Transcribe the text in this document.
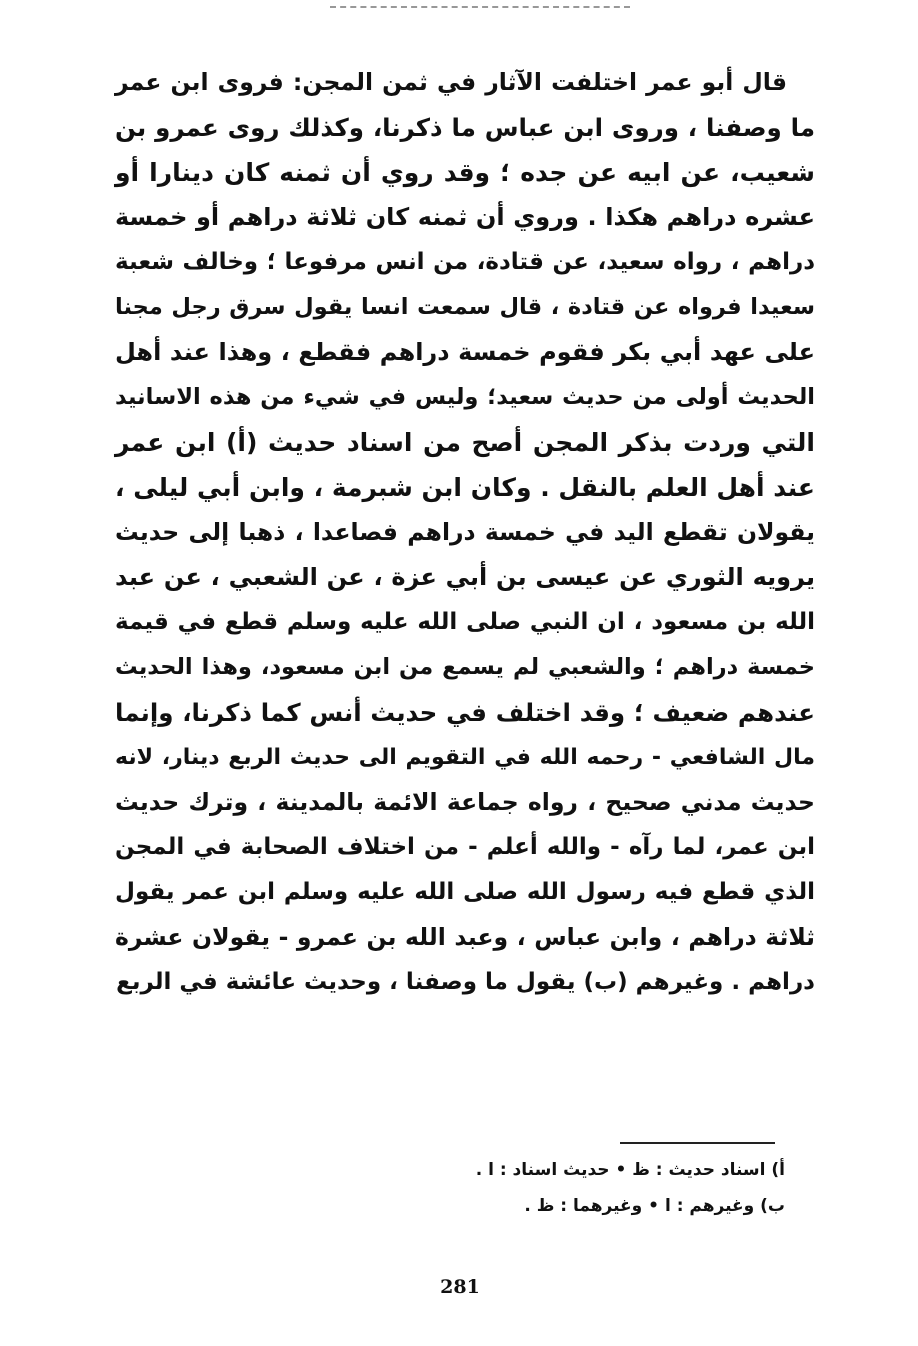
قال أبو عمر اختلفت الآثار في ثمن المجن: فروى ابن عمر
ما وصفنا ، وروى ابن عباس ما ذكرنا، وكذلك روى عمرو بن
شعيب، عن ابيه عن جده ؛ وقد روي أن ثمنه كان دينارا أو
عشره دراهم هكذا . وروي أن ثمنه كان ثلاثة دراهم أو خمسة
دراهم ، رواه سعيد، عن قتادة، من انس مرفوعا ؛ وخالف شعبة
سعيدا فرواه عن قتادة ، قال سمعت انسا يقول سرق رجل مجنا
على عهد أبي بكر فقوم خمسة دراهم فقطع ، وهذا عند أهل
الحديث أولى من حديث سعيد؛ وليس في شيء من هذه الاسانيد
التي وردت بذكر المجن أصح من اسناد حديث (أ) ابن عمر
عند أهل العلم بالنقل . وكان ابن شبرمة ، وابن أبي ليلى ،
يقولان تقطع اليد في خمسة دراهم فصاعدا ، ذهبا إلى حديث
يرويه الثوري عن عيسى بن أبي عزة ، عن الشعبي ، عن عبد
الله بن مسعود ، ان النبي صلى الله عليه وسلم قطع في قيمة
خمسة دراهم ؛ والشعبي لم يسمع من ابن مسعود، وهذا الحديث
عندهم ضعيف ؛ وقد اختلف في حديث أنس كما ذكرنا، وإنما
مال الشافعي - رحمه الله في التقويم الى حديث الربع دينار، لانه
حديث مدني صحيح ، رواه جماعة الائمة بالمدينة ، وترك حديث
ابن عمر، لما رآه - والله أعلم - من اختلاف الصحابة في المجن
الذي قطع فيه رسول الله صلى الله عليه وسلم ابن عمر يقول
ثلاثة دراهم ، وابن عباس ، وعبد الله بن عمرو - يقولان عشرة
دراهم . وغيرهم (ب) يقول ما وصفنا ، وحديث عائشة في الربع
أ) اسناد حديث : ظ • حديث اسناد : ا .
ب) وغيرهم : ا • وغيرهما : ظ .
281
